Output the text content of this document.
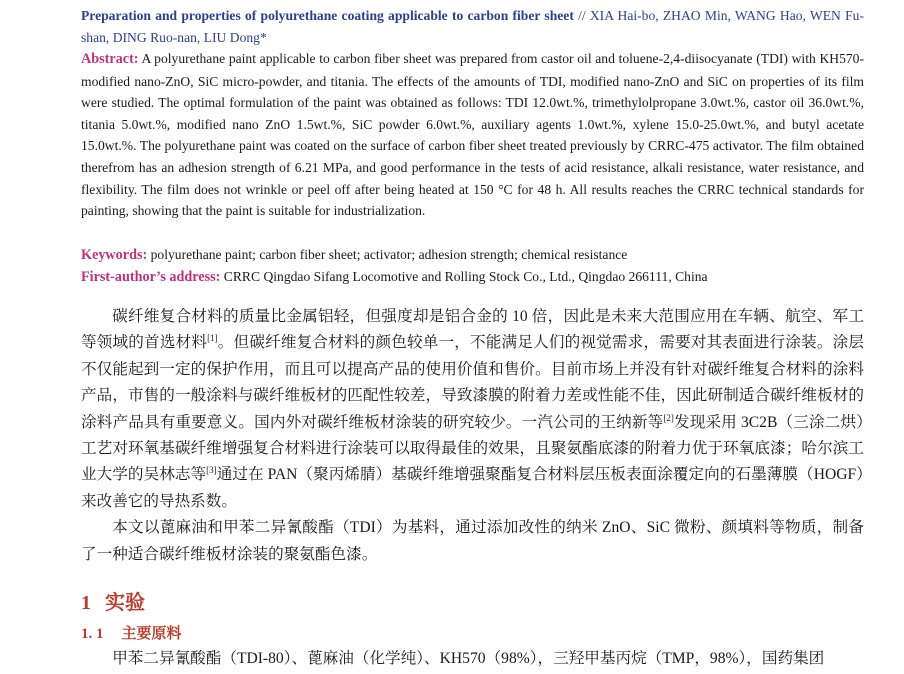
Preparation and properties of polyurethane coating applicable to carbon fiber sheet // XIA Hai-bo, ZHAO Min, WANG Hao, WEN Fu-shan, DING Ruo-nan, LIU Dong*
Abstract: A polyurethane paint applicable to carbon fiber sheet was prepared from castor oil and toluene-2,4-diisocyanate (TDI) with KH570-modified nano-ZnO, SiC micro-powder, and titania. The effects of the amounts of TDI, modified nano-ZnO and SiC on properties of its film were studied. The optimal formulation of the paint was obtained as follows: TDI 12.0wt.%, trimethylolpropane 3.0wt.%, castor oil 36.0wt.%, titania 5.0wt.%, modified nano ZnO 1.5wt.%, SiC powder 6.0wt.%, auxiliary agents 1.0wt.%, xylene 15.0-25.0wt.%, and butyl acetate 15.0wt.%. The polyurethane paint was coated on the surface of carbon fiber sheet treated previously by CRRC-475 activator. The film obtained therefrom has an adhesion strength of 6.21 MPa, and good performance in the tests of acid resistance, alkali resistance, water resistance, and flexibility. The film does not wrinkle or peel off after being heated at 150 °C for 48 h. All results reaches the CRRC technical standards for painting, showing that the paint is suitable for industrialization.
Keywords: polyurethane paint; carbon fiber sheet; activator; adhesion strength; chemical resistance
First-author’s address: CRRC Qingdao Sifang Locomotive and Rolling Stock Co., Ltd., Qingdao 266111, China

碳纤维复合材料的质量比金属铝轻，但强度却是铝合金的 10 倍，因此是未来大范围应用在车辆、航空、军工等领域的首选材料[1]。但碳纤维复合材料的颜色较单一，不能满足人们的视觉需求，需要对其表面进行涂装。涂层不仅能起到一定的保护作用，而且可以提高产品的使用价值和售价。目前市场上并没有针对碳纤维复合材料的涂料产品，市售的一般涂料与碳纤维板材的匹配性较差，导致漆膜的附着力差或性能不佳，因此研制适合碳纤维板材的涂料产品具有重要意义。国内外对碳纤维板材涂装的研究较少。一汽公司的王纳新等[2]发现采用 3C2B（三涂二烘）工艺对环氧基碳纤维增强复合材料进行涂装可以取得最佳的效果，且聚氨酯底漆的附着力优于环氧底漆；哈尔滨工业大学的吴林志等[3]通过在 PAN（聚丙烯腈）基碳纤维增强聚酯复合材料层压板表面涂覆定向的石墨薄膜（HOGF）来改善它的导热系数。

本文以蓖麻油和甲苯二异氰酸酯（TDI）为基料，通过添加改性的纳米 ZnO、SiC 微粉、颜填料等物质，制备了一种适合碳纤维板材涂装的聚氨酯色漆。

1 实验
1. 1 主要原料

甲苯二异氰酸酯（TDI-80）、蓖麻油（化学纯）、KH570（98%），三羟甲基丙烷（TMP，98%），国药集团
